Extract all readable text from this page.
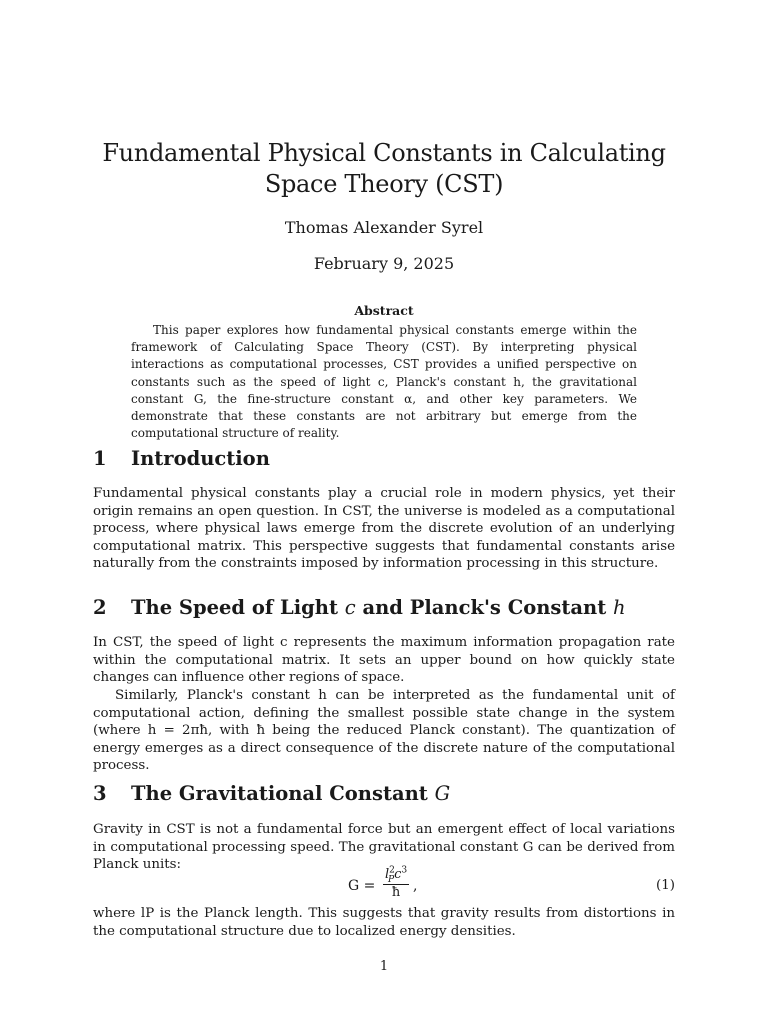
Fundamental Physical Constants in Calculating Space Theory (CST)
Thomas Alexander Syrel
February 9, 2025
Abstract
This paper explores how fundamental physical constants emerge within the framework of Calculating Space Theory (CST). By interpreting physical interactions as computational processes, CST provides a unified perspective on constants such as the speed of light c, Planck's constant h, the gravitational constant G, the fine-structure constant α, and other key parameters. We demonstrate that these constants are not arbitrary but emerge from the computational structure of reality.
1 Introduction
Fundamental physical constants play a crucial role in modern physics, yet their origin remains an open question. In CST, the universe is modeled as a computational process, where physical laws emerge from the discrete evolution of an underlying computational matrix. This perspective suggests that fundamental constants arise naturally from the constraints imposed by information processing in this structure.
2 The Speed of Light c and Planck's Constant h
In CST, the speed of light c represents the maximum information propagation rate within the computational matrix. It sets an upper bound on how quickly state changes can influence other regions of space.
Similarly, Planck's constant h can be interpreted as the fundamental unit of computational action, defining the smallest possible state change in the system (where h = 2πħ, with ħ being the reduced Planck constant). The quantization of energy emerges as a direct consequence of the discrete nature of the computational process.
3 The Gravitational Constant G
Gravity in CST is not a fundamental force but an emergent effect of local variations in computational processing speed. The gravitational constant G can be derived from Planck units:
$G = \frac{l^2_Pc^3}{ħ}$ ,	(1)
where lP is the Planck length. This suggests that gravity results from distortions in the computational structure due to localized energy densities.
1
